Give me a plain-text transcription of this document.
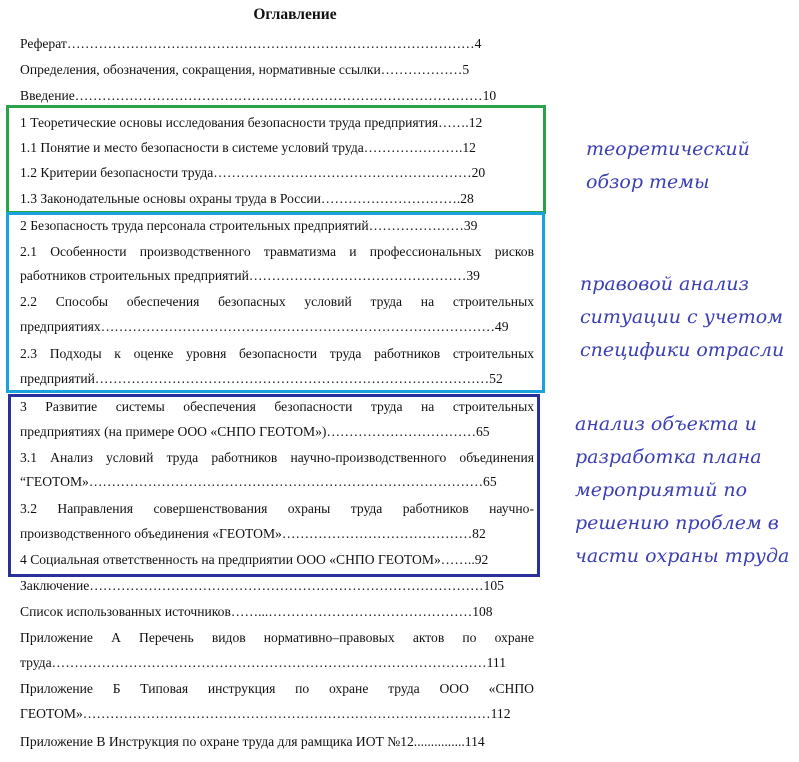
Оглавление
Реферат………………………………………………………………………………4
Определения, обозначения, сокращения, нормативные ссылки………………5
Введение………………………………………………………………………………10
1 Теоретические основы исследования безопасности труда предприятия…….12
1.1 Понятие и место безопасности в системе условий труда………………….12
1.2 Критерии безопасности труда…………………………………………………20
1.3 Законодательные основы охраны труда в России………………………….28
2 Безопасность труда персонала строительных предприятий…………………39
2.1 Особенности производственного травматизма и профессиональных рисков
работников строительных предприятий…………………………………………39
2.2 Способы обеспечения безопасных условий труда на строительных
предприятиях……………………………………………………………………………49
2.3 Подходы к оценке уровня безопасности труда работников строительных
предприятий……………………………………………………………………………52
3 Развитие системы обеспечения безопасности труда на строительных
предприятиях (на примере ООО «СНПО ГЕОТОМ»)……………………………65
3.1 Анализ условий труда работников научно-производственного объединения
“ГЕОТОМ»……………………………………………………………………………65
3.2 Направления совершенствования охраны труда работников научно-
производственного объединения «ГЕОТОМ»……………………………………82
4 Социальная ответственность на предприятии ООО «СНПО ГЕОТОМ»……..92
Заключение……………………………………………………………………………105
Список использованных источников……...………………………………………108
Приложение А Перечень видов нормативно–правовых актов по охране
труда……………………………………………………………………………………111
Приложение Б Типовая инструкция по охране труда ООО «СНПО
ГЕОТОМ»………………………………………………………………………………112
Приложение В Инструкция по охране труда для рамщика ИОТ №12...............114
теоретический
обзор темы
правовой анализ
ситуации с учетом
специфики отрасли
анализ объекта и
разработка плана
мероприятий по
решению проблем в
части охраны труда
